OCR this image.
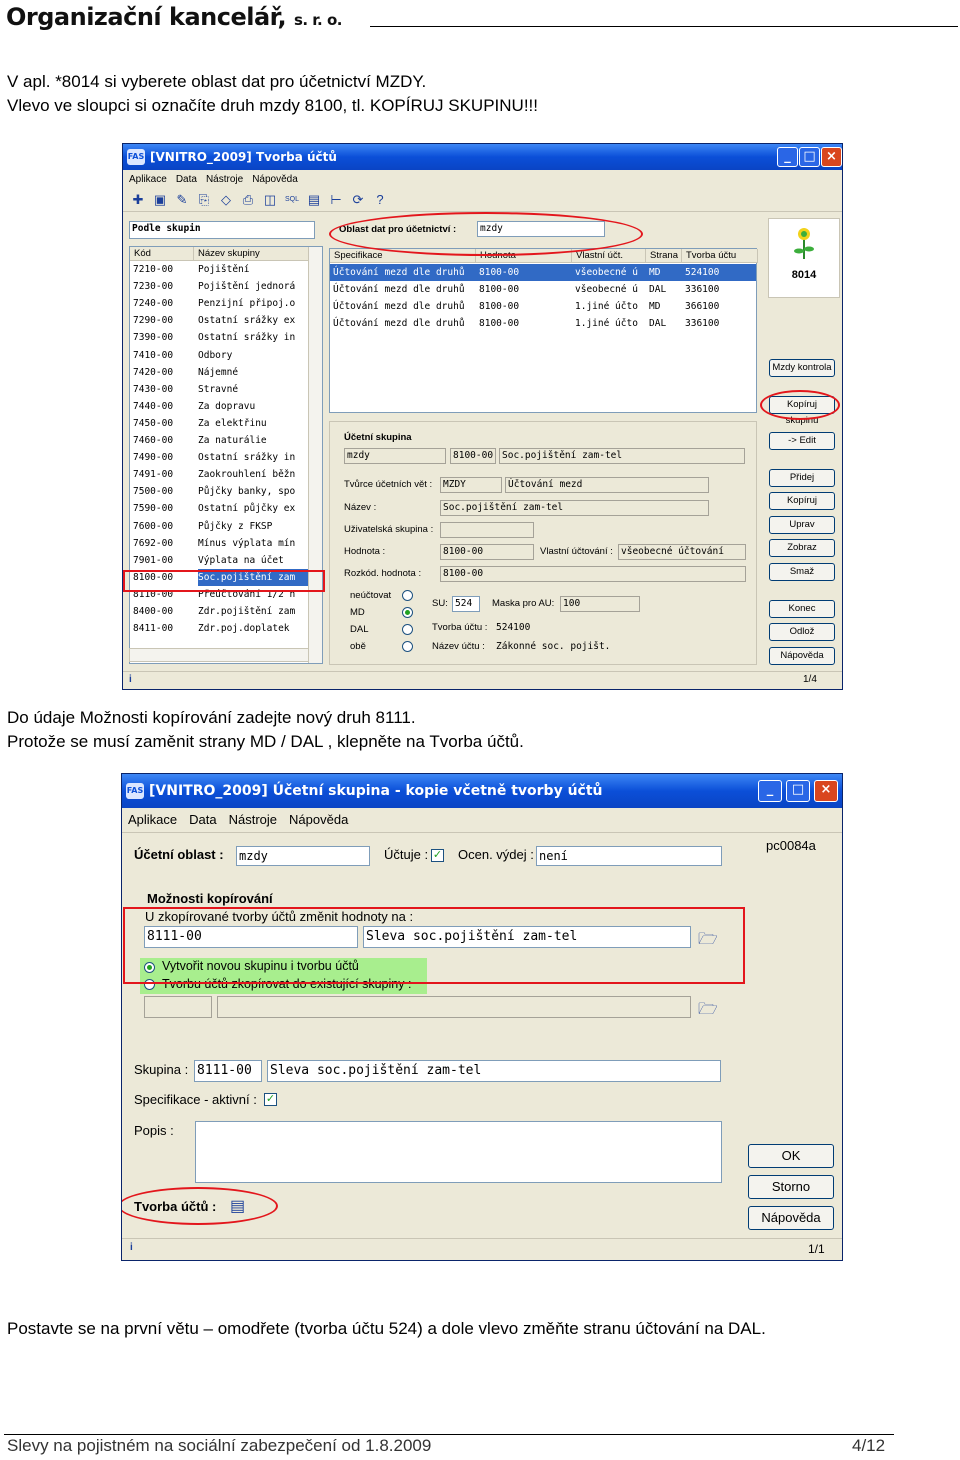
Organizační kancelář, s. r. o.
V apl. *8014 si vyberete oblast dat pro účetnictví MZDY.
Vlevo ve sloupci si označíte druh mzdy 8100, tl. KOPÍRUJ SKUPINU!!!
FAS [VNITRO_2009] Tvorba účtů	_ □ ×
Aplikace Data Nástroje Nápověda
✚ ▣ ✎ ⎘ ◇ ⎙ ◫	SQL ▤ ⊢ ⟳ ?
Podle skupin
Kód	Název skupiny
7210-00	Pojištění
7230-00	Pojištění jednorá
7240-00	Penzijní připoj.o
7290-00	Ostatní srážky ex
7390-00	Ostatní srážky in
7410-00	Odbory
7420-00	Nájemné
7430-00	Stravné
7440-00	Za dopravu
7450-00	Za elektřinu
7460-00	Za naturálie
7490-00	Ostatní srážky in
7491-00	Zaokrouhlení běžn
7500-00	Půjčky banky, spo
7590-00	Ostatní půjčky ex
7600-00	Půjčky z FKSP
7692-00	Mínus výplata mín
7901-00	Výplata na účet
8100-00	Soc.pojištění zam
8110-00	Přeúčtování 1/2 n
8400-00	Zdr.pojištění zam
8411-00	Zdr.poj.doplatek
Oblast dat pro účetnictví :	mzdy
Specifikace	Hodnota	Vlastní účt.	Strana Tvorba účtu
Účtování mezd dle druhů	8100-00	všeobecné ú	MD	524100
Účtování mezd dle druhů	8100-00	všeobecné ú	DAL	336100
Účtování mezd dle druhů	8100-00	1.jiné účto	MD	366100
Účtování mezd dle druhů	8100-00	1.jiné účto	DAL	336100
8014
Mzdy kontrola
Kopíruj skupinu
-> Edit
Přidej
Kopíruj
Uprav
Zobraz
Smaž
Konec
Odlož
Nápověda
Účetní skupina
mzdy	8100-00 Soc.pojištění zam-tel
Tvůrce účetních vět :	MZDY	Účtování mezd
Název :	Soc.pojištění zam-tel
Uživatelská skupina :
Hodnota :	8100-00	Vlastní účtování : všeobecné účtování
Rozkód. hodnota :	8100-00
neúčtovat
MD
DAL
obě
SU: 524	Maska pro AU: 100
Tvorba účtu : 524100
Název účtu : Zákonné soc. pojišt.
i	1/4
Do údaje Možnosti kopírování zadejte nový druh 8111.
Protože se musí zaměnit strany MD / DAL , klepněte na Tvorba účtů.
FAS [VNITRO_2009] Účetní skupina - kopie včetně tvorby účtů	_	□	×
Aplikace Data Nástroje Nápověda
Účetní oblast : mzdy	Účtuje : ✓ Ocen. výdej : není
pc0084a
Možnosti kopírování
U zkopírované tvorby účtů změnit hodnoty na :
8111-00	Sleva soc.pojištění zam-tel	🗁
Vytvořit novou skupinu i tvorbu účtů
Tvorbu účtů zkopírovat do existující skupiny :
🗁
Skupina : 8111-00	Sleva soc.pojištění zam-tel
Specifikace - aktivní : ✓
Popis :
Tvorba účtů : ▤
OK
Storno
Nápověda
i	1/1
Postavte se na první větu – omodřete (tvorba účtu 524) a dole vlevo změňte stranu účtování na DAL.
Slevy na pojistném na sociální zabezpečení od 1.8.2009	4/12
